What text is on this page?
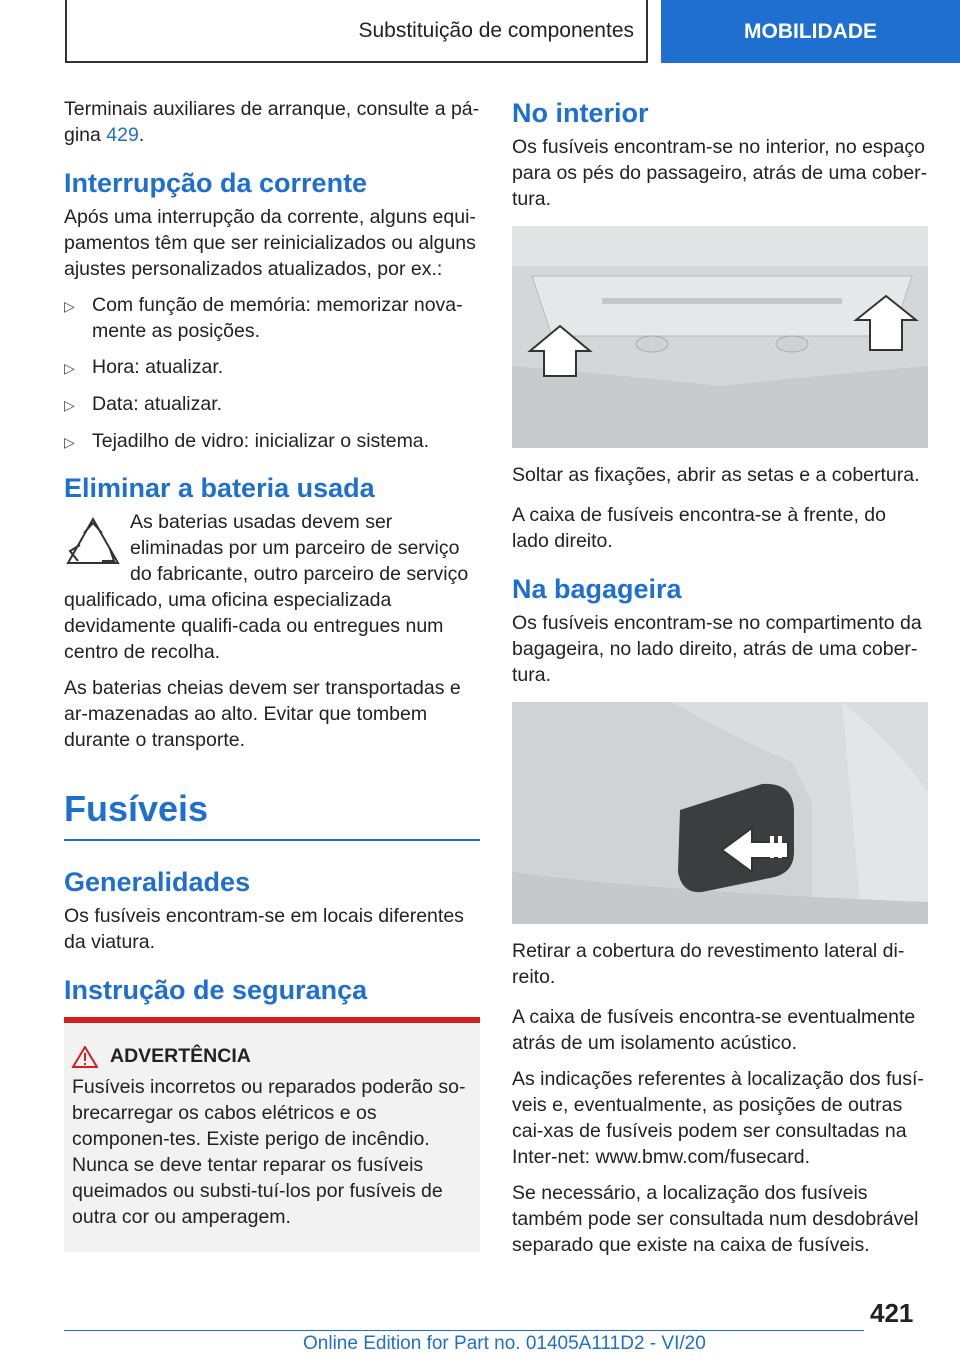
Substituição de componentes	MOBILIDADE

Terminais auxiliares de arranque, consulte a pá-gina 429.

Interrupção da corrente

Após uma interrupção da corrente, alguns equi-pamentos têm que ser reinicializados ou alguns ajustes personalizados atualizados, por ex.:

▷ Com função de memória: memorizar nova-mente as posições.
▷ Hora: atualizar.
▷ Data: atualizar.
▷ Tejadilho de vidro: inicializar o sistema.
Eliminar a bateria usada

As baterias usadas devem ser eliminadas por um parceiro de serviço do fabricante, outro parceiro de serviço qualificado, uma oficina especializada devidamente qualifi-cada ou entregues num centro de recolha.

As baterias cheias devem ser transportadas e ar-mazenadas ao alto. Evitar que tombem durante o transporte.

Fusíveis
Generalidades

Os fusíveis encontram-se em locais diferentes da viatura.

Instrução de segurança
ADVERTÊNCIA

Fusíveis incorretos ou reparados poderão so-brecarregar os cabos elétricos e os componen-tes. Existe perigo de incêndio. Nunca se deve tentar reparar os fusíveis queimados ou substi-tuí-los por fusíveis de outra cor ou amperagem.

No interior

Os fusíveis encontram-se no interior, no espaço para os pés do passageiro, atrás de uma cober-tura.

Soltar as fixações, abrir as setas e a cobertura.

A caixa de fusíveis encontra-se à frente, do lado direito.

Na bagageira

Os fusíveis encontram-se no compartimento da bagageira, no lado direito, atrás de uma cober-tura.

Retirar a cobertura do revestimento lateral di-reito.

A caixa de fusíveis encontra-se eventualmente atrás de um isolamento acústico.

As indicações referentes à localização dos fusí-veis e, eventualmente, as posições de outras cai-xas de fusíveis podem ser consultadas na Inter-net: www.bmw.com/fusecard.

Se necessário, a localização dos fusíveis também pode ser consultada num desdobrável separado que existe na caixa de fusíveis.

421
Online Edition for Part no. 01405A111D2 - VI/20
